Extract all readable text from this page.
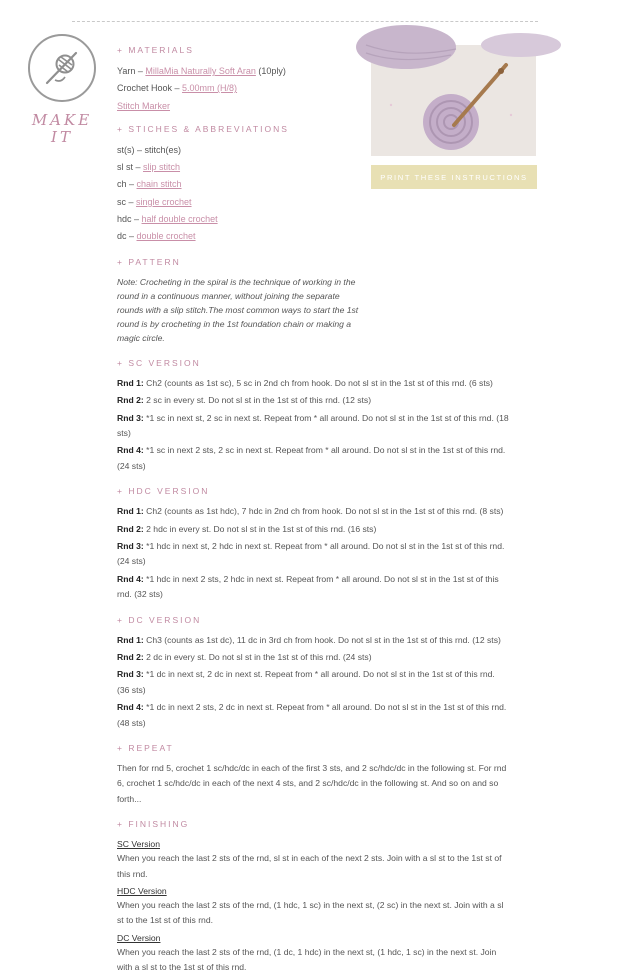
MAKE
IT
PRINT THESE INSTRUCTIONS
+ MATERIALS
Yarn – MillaMia Naturally Soft Aran (10ply)
Crochet Hook – 5.00mm (H/8)
Stitch Marker
+ STICHES & ABBREVIATIONS
st(s) – stitch(es)
sl st – slip stitch
ch – chain stitch
sc – single crochet
hdc – half double crochet
dc – double crochet
+ PATTERN
Note: Crocheting in the spiral is the technique of working in the round in a continuous manner, without joining the separate rounds with a slip stitch.The most common ways to start the 1st round is by crocheting in the 1st foundation chain or making a magic circle.
+ SC VERSION
Rnd 1: Ch2 (counts as 1st sc), 5 sc in 2nd ch from hook. Do not sl st in the 1st st of this rnd. (6 sts)
Rnd 2: 2 sc in every st. Do not sl st in the 1st st of this rnd. (12 sts)
Rnd 3: *1 sc in next st, 2 sc in next st. Repeat from * all around. Do not sl st in the 1st st of this rnd. (18 sts)
Rnd 4: *1 sc in next 2 sts, 2 sc in next st. Repeat from * all around. Do not sl st in the 1st st of this rnd. (24 sts)
+ HDC VERSION
Rnd 1: Ch2 (counts as 1st hdc), 7 hdc in 2nd ch from hook. Do not sl st in the 1st st of this rnd. (8 sts)
Rnd 2: 2 hdc in every st. Do not sl st in the 1st st of this rnd. (16 sts)
Rnd 3: *1 hdc in next st, 2 hdc in next st. Repeat from * all around. Do not sl st in the 1st st of this rnd. (24 sts)
Rnd 4: *1 hdc in next 2 sts, 2 hdc in next st. Repeat from * all around. Do not sl st in the 1st st of this rnd. (32 sts)
+ DC VERSION
Rnd 1: Ch3 (counts as 1st dc), 11 dc in 3rd ch from hook. Do not sl st in the 1st st of this rnd. (12 sts)
Rnd 2: 2 dc in every st. Do not sl st in the 1st st of this rnd. (24 sts)
Rnd 3: *1 dc in next st, 2 dc in next st. Repeat from * all around. Do not sl st in the 1st st of this rnd. (36 sts)
Rnd 4: *1 dc in next 2 sts, 2 dc in next st. Repeat from * all around. Do not sl st in the 1st st of this rnd. (48 sts)
+ REPEAT
Then for rnd 5, crochet 1 sc/hdc/dc in each of the first 3 sts, and 2 sc/hdc/dc in the following st. For rnd 6, crochet 1 sc/hdc/dc in each of the next 4 sts, and 2 sc/hdc/dc in the following st. And so on and so forth...
+ FINISHING
SC Version
When you reach the last 2 sts of the rnd, sl st in each of the next 2 sts. Join with a sl st to the 1st st of this rnd.
HDC Version
When you reach the last 2 sts of the rnd, (1 hdc, 1 sc) in the next st, (2 sc) in the next st. Join with a sl st to the 1st st of this rnd.
DC Version
When you reach the last 2 sts of the rnd, (1 dc, 1 hdc) in the next st, (1 hdc, 1 sc) in the next st. Join with a sl st to the 1st st of this rnd.
